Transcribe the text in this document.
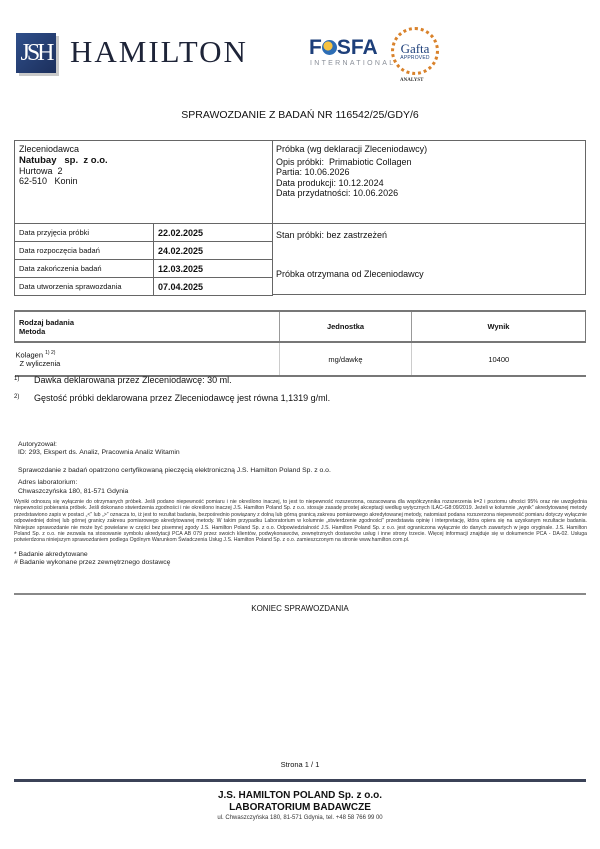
JSH HAMILTON	F SFA
INTERNATIONAL
Gafta
APPROVED
ANALYST
SPRAWOZDANIE Z BADAŃ NR 116542/25/GDY/6
Zleceniodawca
Natubay   sp.  z o.o.
Hurtowa  2
62-510   Konin
Próbka (wg deklaracji Zleceniodawcy)
Opis próbki:  Primabiotic Collagen
Partia: 10.06.2026
Data produkcji: 10.12.2024
Data przydatności: 10.06.2026
Data przyjęcia próbki	22.02.2025
Data rozpoczęcia badań	24.02.2025
Data zakończenia badań	12.03.2025
Data utworzenia sprawozdania	07.04.2025
Stan próbki: bez zastrzeżeń
Próbka otrzymana od Zleceniodawcy
Rodzaj badania
Metoda	Jednostka	Wynik

Kolagen $^{1) 2)}$
Z wyliczenia	mg/dawkę	10400
1) Dawka deklarowana przez Zleceniodawcę: 30 ml.
2) Gęstość próbki deklarowana przez Zleceniodawcę jest równa 1,1319 g/ml.
Autoryzował:
ID: 293, Ekspert ds. Analiz, Pracownia Analiz Witamin
Sprawozdanie z badań opatrzono certyfikowaną pieczęcią elektroniczną J.S. Hamilton Poland Sp. z o.o.
Adres laboratorium:
Chwaszczyńska 180, 81-571 Gdynia
Wyniki odnoszą się wyłącznie do otrzymanych próbek. Jeśli podano niepewność pomiaru i nie określono inaczej, to jest to niepewność rozszerzona, oszacowana dla współczynnika rozszerzenia k=2 i poziomu ufności 95% oraz nie uwzględnia niepewności pobierania próbek. Jeśli dokonano stwierdzenia zgodności i nie określono inaczej J.S. Hamilton Poland Sp. z o.o. stosuje zasadę prostej akceptacji według wytycznych ILAC-G8:09/2019. Jeżeli w kolumnie „wynik” akredytowanej metody przedstawiono zapis w postaci „<” lub „>” oznacza to, iż jest to rezultat badania, bezpośrednio powiązany z dolną lub górną granicą zakresu pomiarowego akredytowanej metody, natomiast podana rozszerzona niepewność pomiaru dotyczy wyłącznie odpowiedniej dolnej lub górnej granicy zakresu pomiarowego akredytowanej metody. W takim przypadku Laboratorium w kolumnie „stwierdzenie zgodności” przedstawia opinię i interpretację, która opiera się na uzyskanym rezultacie badania. Niniejsze sprawozdanie nie może być powielane w części bez pisemnej zgody J.S. Hamilton Poland Sp. z o.o. Odpowiedzialność J.S. Hamilton Poland Sp. z o.o. jest ograniczona wyłącznie do danych zawartych w jego oryginale. J.S. Hamilton Poland Sp. z o.o. nie zezwala na stosowanie symbolu akredytacji PCA AB 079 przez swoich klientów, podwykonawców, zewnętrznych dostawców usług i inne strony trzecie. Więcej informacji znajduje się w dokumencie PCA - DA-02. Usługa potwierdzona niniejszym sprawozdaniem podlega Ogólnym Warunkom Świadczenia Usług J.S. Hamilton Poland Sp. z o.o. zamieszczonym na stronie www.hamilton.com.pl.
* Badanie akredytowane
# Badanie wykonane przez zewnętrznego dostawcę
KONIEC SPRAWOZDANIA
Strona 1 / 1
J.S. HAMILTON POLAND Sp. z o.o.
LABORATORIUM BADAWCZE
ul. Chwaszczyńska 180, 81-571 Gdynia, tel. +48 58 766 99 00
